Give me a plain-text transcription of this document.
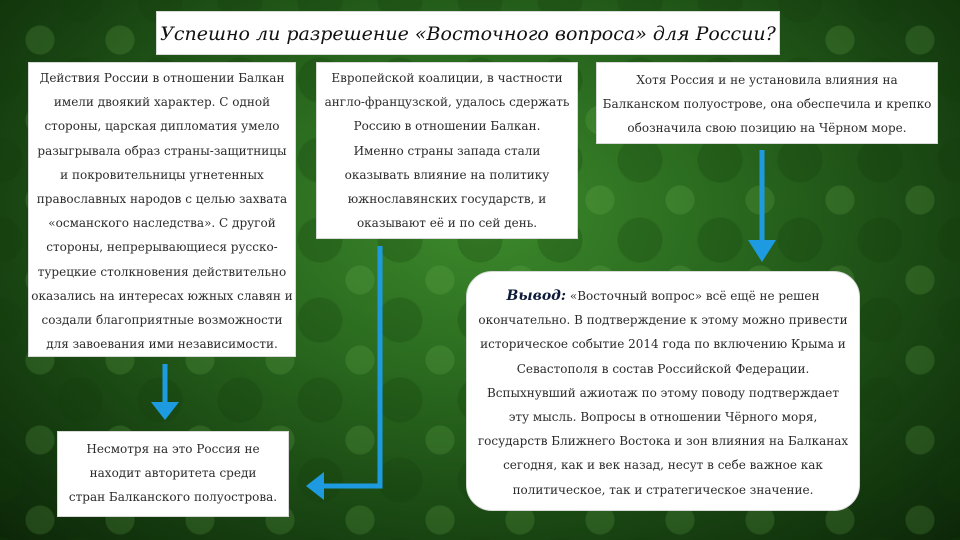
Успешно ли разрешение «Восточного вопроса» для России?
Действия России в отношении Балкан
имели двоякий характер. С одной
стороны, царская дипломатия умело
разыгрывала образ страны-защитницы
и покровительницы угнетенных
православных народов с целью захвата
«османского наследства». С другой
стороны, непрерывающиеся русско-
турецкие столкновения действительно
оказались на интересах южных славян и
создали благоприятные возможности
для завоевания ими независимости.
Европейской коалиции, в частности
англо-французской, удалось сдержать
Россию в отношении Балкан.
Именно страны запада стали
оказывать влияние на политику
южнославянских государств, и
оказывают её и по сей день.
Хотя Россия и не установила влияния на
Балканском полуострове, она обеспечила и крепко
обозначила свою позицию на Чёрном море.
Несмотря на это Россия не
находит авторитета среди
стран Балканского полуострова.
Вывод: «Восточный вопрос» всё ещё не решен
окончательно. В подтверждение к этому можно привести
историческое событие 2014 года по включению Крыма и
Севастополя в состав Российской Федерации.
Вспыхнувший ажиотаж по этому поводу подтверждает
эту мысль. Вопросы в отношении Чёрного моря,
государств Ближнего Востока и зон влияния на Балканах
сегодня, как и век назад, несут в себе важное как
политическое, так и стратегическое значение.
